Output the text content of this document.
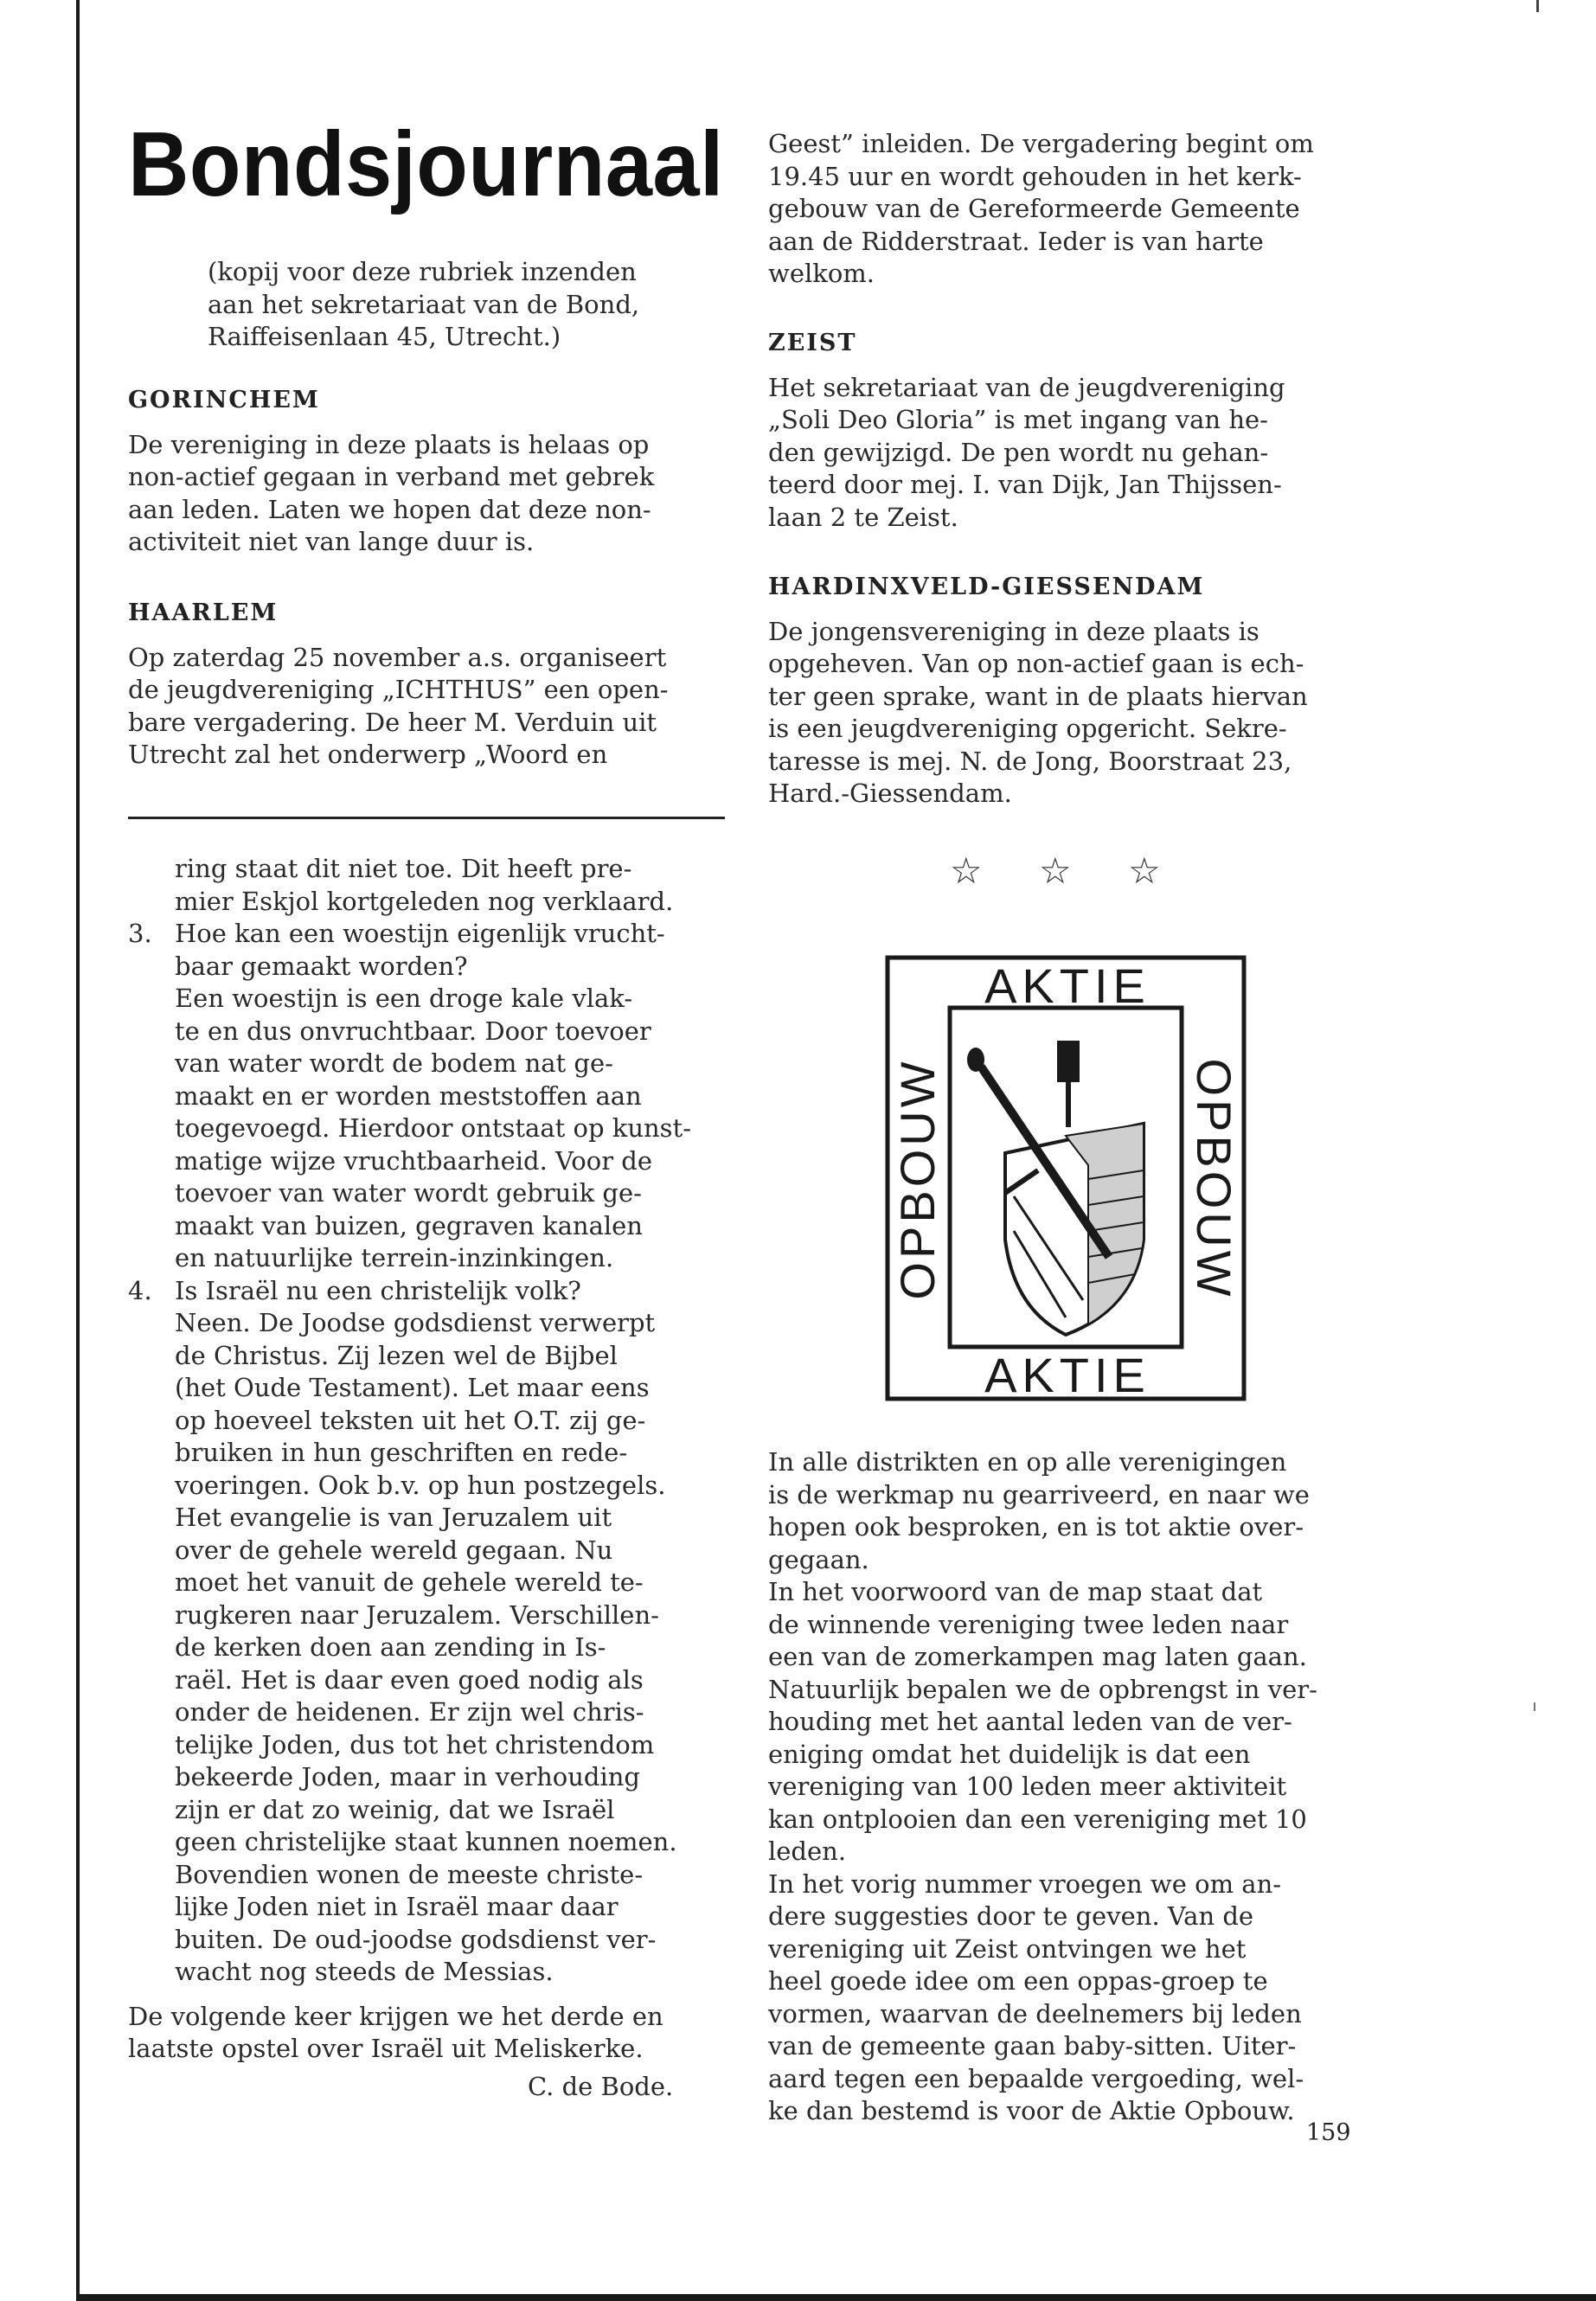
Bondsjournaal

(kopij voor deze rubriek inzenden

aan het sekretariaat van de Bond,

Raiffeisenlaan 45, Utrecht.)

GORINCHEM

De vereniging in deze plaats is helaas op

non-actief gegaan in verband met gebrek

aan leden. Laten we hopen dat deze non-

activiteit niet van lange duur is.

HAARLEM

Op zaterdag 25 november a.s. organiseert

de jeugdvereniging „ICHTHUS” een open-

bare vergadering. De heer M. Verduin uit

Utrecht zal het onderwerp „Woord en

Geest” inleiden. De vergadering begint om

19.45 uur en wordt gehouden in het kerk-

gebouw van de Gereformeerde Gemeente

aan de Ridderstraat. Ieder is van harte

welkom.

ZEIST

Het sekretariaat van de jeugdvereniging

„Soli Deo Gloria” is met ingang van he-

den gewijzigd. De pen wordt nu gehan-

teerd door mej. I. van Dijk, Jan Thijssen-

laan 2 te Zeist.

HARDINXVELD-GIESSENDAM

De jongensvereniging in deze plaats is

opgeheven. Van op non-actief gaan is ech-

ter geen sprake, want in de plaats hiervan

is een jeugdvereniging opgericht. Sekre-

taresse is mej. N. de Jong, Boorstraat 23,

Hard.-Giessendam.

ring staat dit niet toe. Dit heeft pre-

mier Eskjol kortgeleden nog verklaard.

3. Hoe kan een woestijn eigenlijk vrucht-

baar gemaakt worden?

Een woestijn is een droge kale vlak-

te en dus onvruchtbaar. Door toevoer

van water wordt de bodem nat ge-

maakt en er worden meststoffen aan

toegevoegd. Hierdoor ontstaat op kunst-

matige wijze vruchtbaarheid. Voor de

toevoer van water wordt gebruik ge-

maakt van buizen, gegraven kanalen

en natuurlijke terrein-inzinkingen.

4. Is Israël nu een christelijk volk?

Neen. De Joodse godsdienst verwerpt

de Christus. Zij lezen wel de Bijbel

(het Oude Testament). Let maar eens

op hoeveel teksten uit het O.T. zij ge-

bruiken in hun geschriften en rede-

voeringen. Ook b.v. op hun postzegels.

Het evangelie is van Jeruzalem uit

over de gehele wereld gegaan. Nu

moet het vanuit de gehele wereld te-

rugkeren naar Jeruzalem. Verschillen-

de kerken doen aan zending in Is-

raël. Het is daar even goed nodig als

onder de heidenen. Er zijn wel chris-

telijke Joden, dus tot het christendom

bekeerde Joden, maar in verhouding

zijn er dat zo weinig, dat we Israël

geen christelijke staat kunnen noemen.

Bovendien wonen de meeste christe-

lijke Joden niet in Israël maar daar

buiten. De oud-joodse godsdienst ver-

wacht nog steeds de Messias.

De volgende keer krijgen we het derde en

laatste opstel over Israël uit Meliskerke.

C. de Bode.

☆ ☆ ☆
AKTIE
AKTIE
OPBOUW	OPBOUW

In alle distrikten en op alle verenigingen

is de werkmap nu gearriveerd, en naar we

hopen ook besproken, en is tot aktie over-

gegaan.

In het voorwoord van de map staat dat

de winnende vereniging twee leden naar

een van de zomerkampen mag laten gaan.

Natuurlijk bepalen we de opbrengst in ver-

houding met het aantal leden van de ver-

eniging omdat het duidelijk is dat een

vereniging van 100 leden meer aktiviteit

kan ontplooien dan een vereniging met 10

leden.

In het vorig nummer vroegen we om an-

dere suggesties door te geven. Van de

vereniging uit Zeist ontvingen we het

heel goede idee om een oppas-groep te

vormen, waarvan de deelnemers bij leden

van de gemeente gaan baby-sitten. Uiter-

aard tegen een bepaalde vergoeding, wel-

ke dan bestemd is voor de Aktie Opbouw.

159
